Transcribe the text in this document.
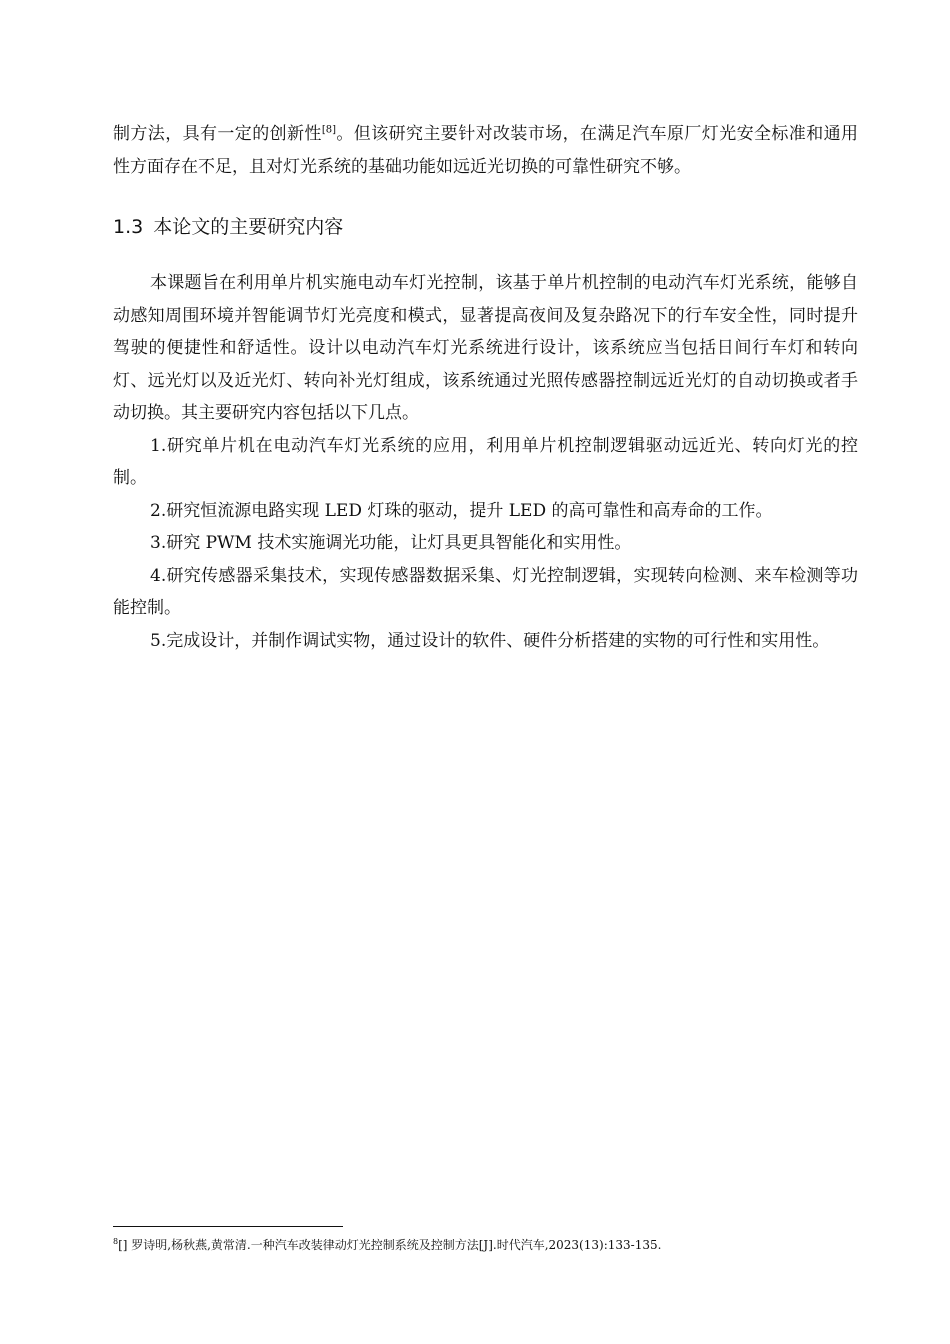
制方法，具有一定的创新性[8]。但该研究主要针对改装市场，在满足汽车原厂灯光安全标准和通用性方面存在不足，且对灯光系统的基础功能如远近光切换的可靠性研究不够。

1.3 本论文的主要研究内容

本课题旨在利用单片机实施电动车灯光控制，该基于单片机控制的电动汽车灯光系统，能够自动感知周围环境并智能调节灯光亮度和模式，显著提高夜间及复杂路况下的行车安全性，同时提升驾驶的便捷性和舒适性。设计以电动汽车灯光系统进行设计，该系统应当包括日间行车灯和转向灯、远光灯以及近光灯、转向补光灯组成，该系统通过光照传感器控制远近光灯的自动切换或者手动切换。其主要研究内容包括以下几点。

1.研究单片机在电动汽车灯光系统的应用，利用单片机控制逻辑驱动远近光、转向灯光的控制。

2.研究恒流源电路实现 LED 灯珠的驱动，提升 LED 的高可靠性和高寿命的工作。

3.研究 PWM 技术实施调光功能，让灯具更具智能化和实用性。

4.研究传感器采集技术，实现传感器数据采集、灯光控制逻辑，实现转向检测、来车检测等功能控制。

5.完成设计，并制作调试实物，通过设计的软件、硬件分析搭建的实物的可行性和实用性。

$^8$[] 罗诗明,杨秋燕,黄常清.一种汽车改装律动灯光控制系统及控制方法[J].时代汽车,2023(13):133-135.
